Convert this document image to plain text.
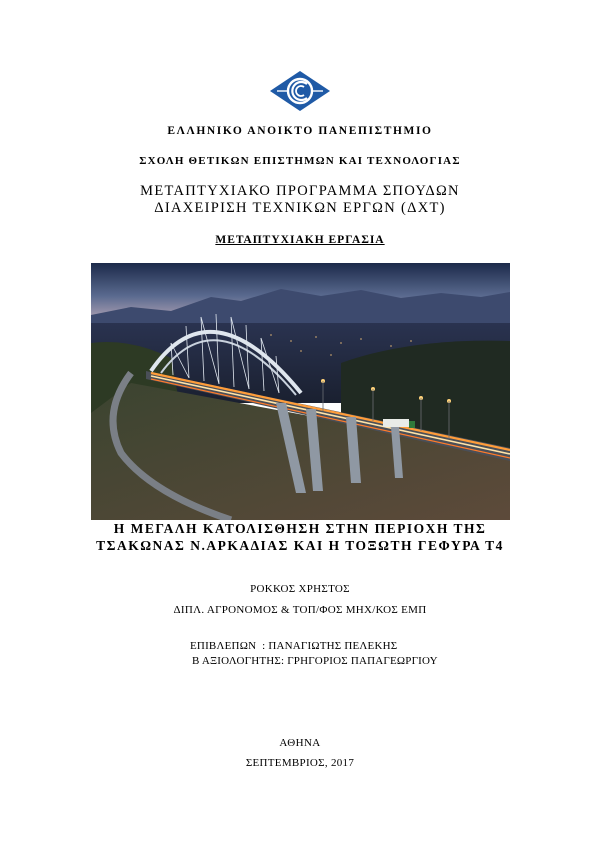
ΕΛΛΗΝΙΚΟ ΑΝΟΙΚΤΟ ΠΑΝΕΠΙΣΤΗΜΙΟ
ΣΧΟΛΗ ΘΕΤΙΚΩΝ ΕΠΙΣΤΗΜΩΝ ΚΑΙ ΤΕΧΝΟΛΟΓΙΑΣ
ΜΕΤΑΠΤΥΧΙΑΚΟ ΠΡΟΓΡΑΜΜΑ ΣΠΟΥΔΩΝ
ΔΙΑΧΕΙΡΙΣΗ ΤΕΧΝΙΚΩΝ ΕΡΓΩΝ (ΔΧΤ)
ΜΕΤΑΠΤΥΧΙΑΚΗ ΕΡΓΑΣΙΑ
Η ΜΕΓΑΛΗ ΚΑΤΟΛΙΣΘΗΣΗ ΣΤΗΝ ΠΕΡΙΟΧΗ ΤΗΣ
ΤΣΑΚΩΝΑΣ Ν.ΑΡΚΑΔΙΑΣ ΚΑΙ Η ΤΟΞΩΤΗ ΓΕΦΥΡΑ Τ4
ΡΟΚΚΟΣ ΧΡΗΣΤΟΣ
ΔΙΠΛ. ΑΓΡΟΝΟΜΟΣ & ΤΟΠ/ΦΟΣ ΜΗΧ/ΚΟΣ ΕΜΠ
ΕΠΙΒΛΕΠΩΝ  : ΠΑΝΑΓΙΩΤΗΣ ΠΕΛΕΚΗΣ
Β ΑΞΙΟΛΟΓΗΤΗΣ: ΓΡΗΓΟΡΙΟΣ ΠΑΠΑΓΕΩΡΓΙΟΥ
ΑΘΗΝΑ
ΣΕΠΤΕΜΒΡΙΟΣ, 2017
